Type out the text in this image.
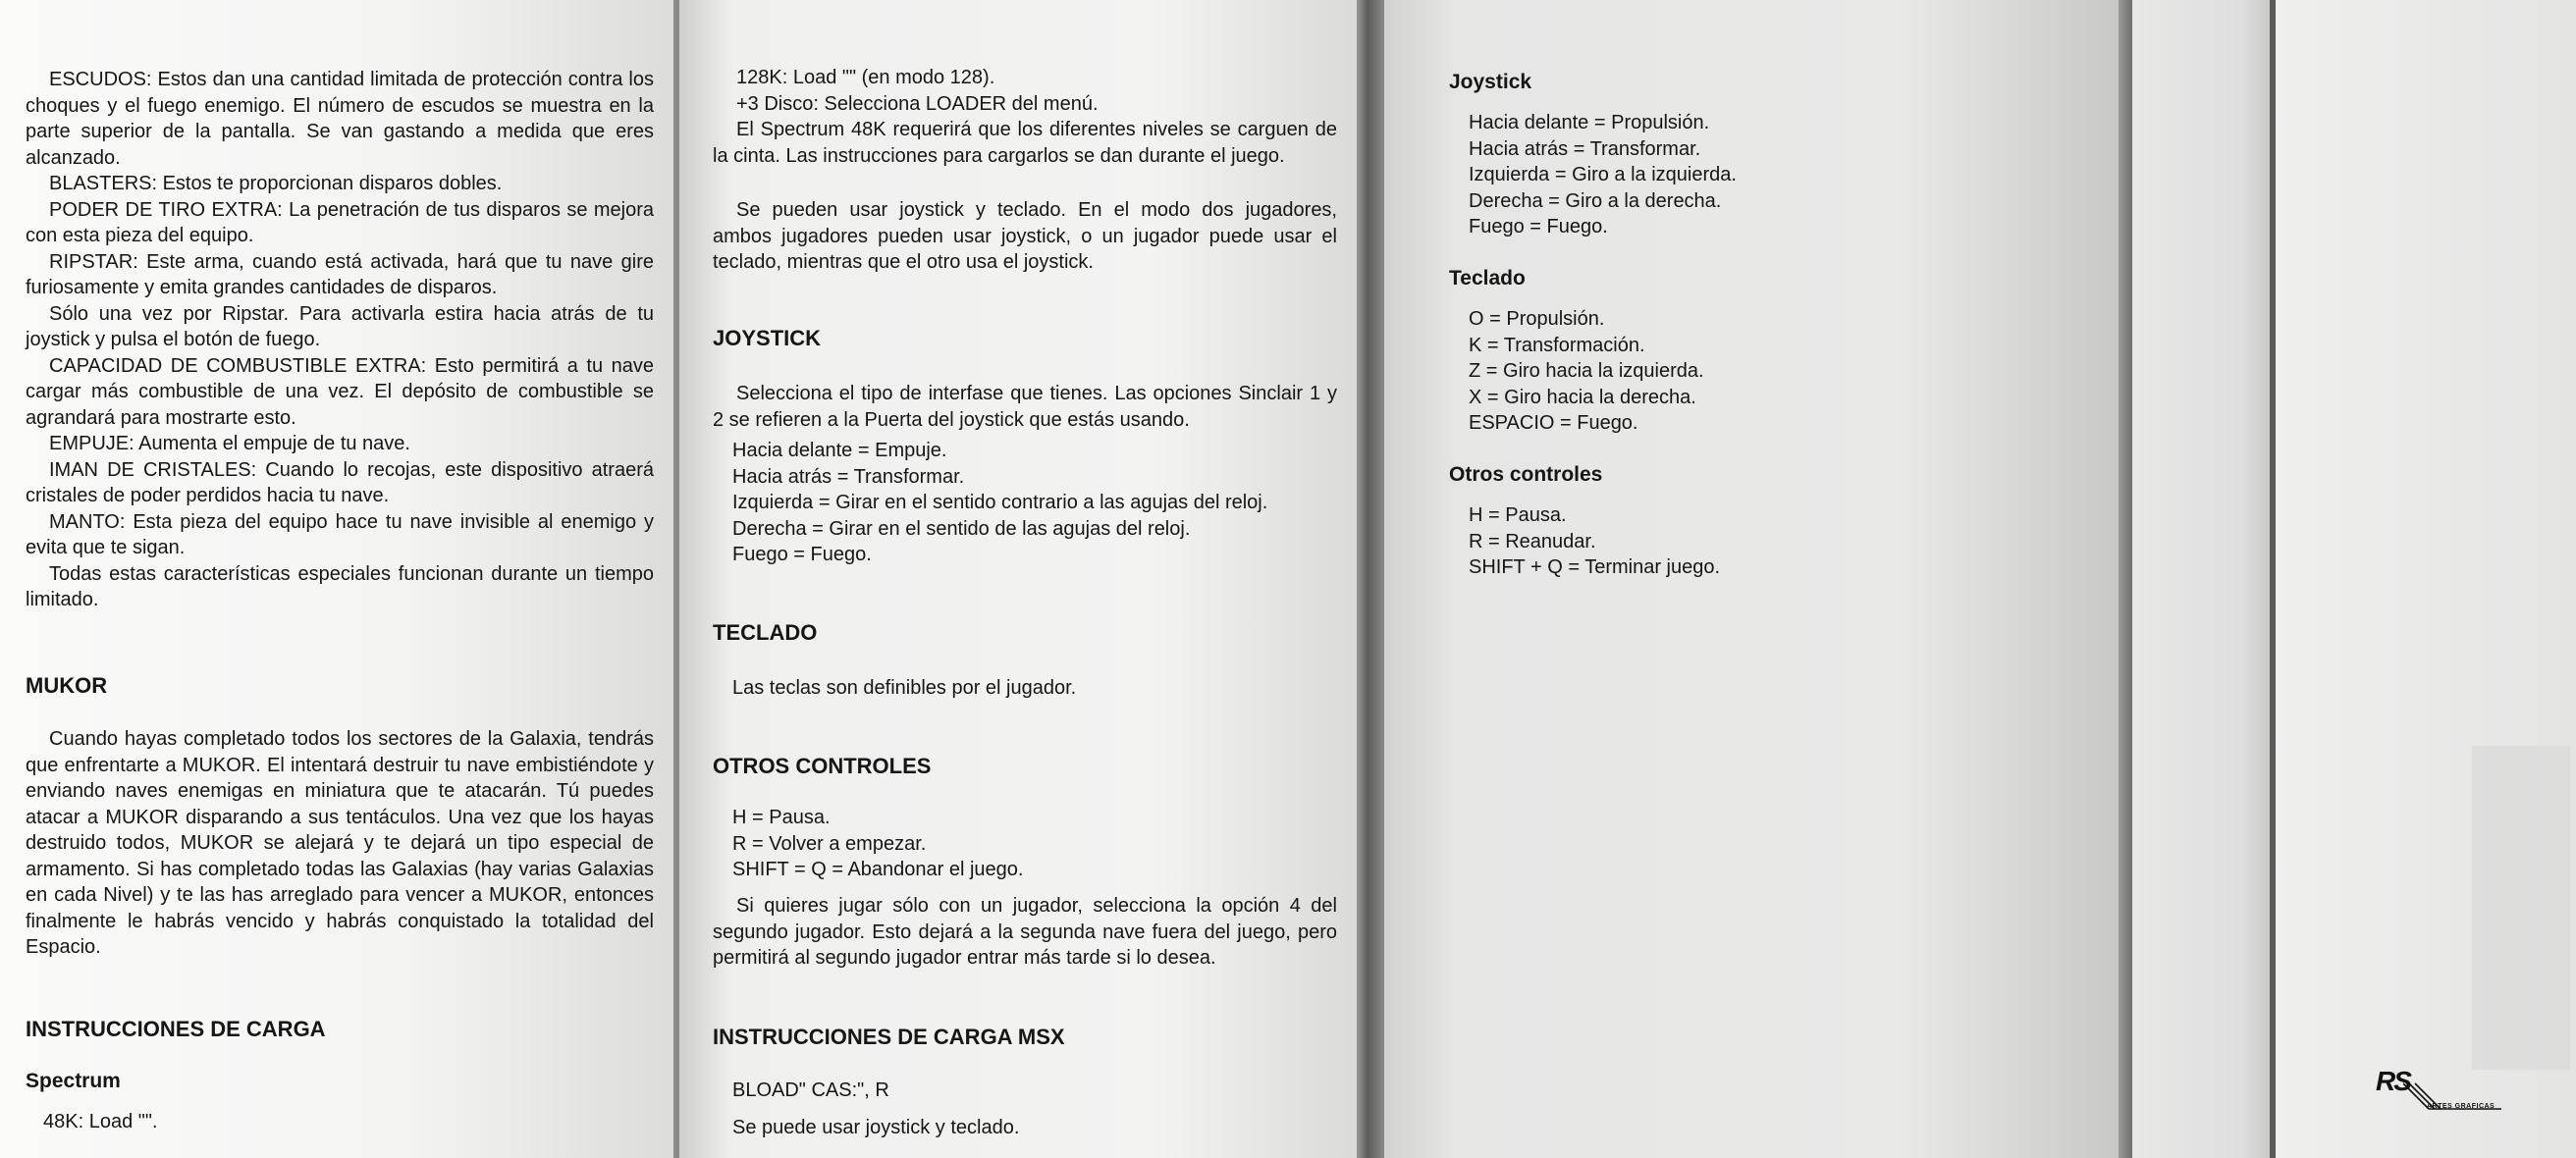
ESCUDOS: Estos dan una cantidad limitada de protección contra los choques y el fuego enemigo. El número de escudos se muestra en la parte superior de la pantalla. Se van gastando a medida que eres alcanzado.

BLASTERS: Estos te proporcionan disparos dobles.

PODER DE TIRO EXTRA: La penetración de tus disparos se mejora con esta pieza del equipo.

RIPSTAR: Este arma, cuando está activada, hará que tu nave gire furiosamente y emita grandes cantidades de disparos.

Sólo una vez por Ripstar. Para activarla estira hacia atrás de tu joystick y pulsa el botón de fuego.

CAPACIDAD DE COMBUSTIBLE EXTRA: Esto permitirá a tu nave cargar más combustible de una vez. El depósito de combustible se agrandará para mostrarte esto.

EMPUJE: Aumenta el empuje de tu nave.

IMAN DE CRISTALES: Cuando lo recojas, este dispositivo atraerá cristales de poder perdidos hacia tu nave.

MANTO: Esta pieza del equipo hace tu nave invisible al enemigo y evita que te sigan.

Todas estas características especiales funcionan durante un tiempo limitado.

MUKOR

Cuando hayas completado todos los sectores de la Galaxia, tendrás que enfrentarte a MUKOR. El intentará destruir tu nave embistiéndote y enviando naves enemigas en miniatura que te atacarán. Tú puedes atacar a MUKOR disparando a sus tentáculos. Una vez que los hayas destruido todos, MUKOR se alejará y te dejará un tipo especial de armamento. Si has completado todas las Galaxias (hay varias Galaxias en cada Nivel) y te las has arreglado para vencer a MUKOR, entonces finalmente le habrás vencido y habrás conquistado la totalidad del Espacio.

INSTRUCCIONES DE CARGA
Spectrum
48K: Load "".
128K: Load "" (en modo 128).
+3 Disco: Selecciona LOADER del menú.

El Spectrum 48K requerirá que los diferentes niveles se carguen de la cinta. Las instrucciones para cargarlos se dan durante el juego.

Se pueden usar joystick y teclado. En el modo dos jugadores, ambos jugadores pueden usar joystick, o un jugador puede usar el teclado, mientras que el otro usa el joystick.

JOYSTICK

Selecciona el tipo de interfase que tienes. Las opciones Sinclair 1 y 2 se refieren a la Puerta del joystick que estás usando.

Hacia delante = Empuje.
Hacia atrás = Transformar.
Izquierda = Girar en el sentido contrario a las agujas del reloj.
Derecha = Girar en el sentido de las agujas del reloj.
Fuego = Fuego.
TECLADO

Las teclas son definibles por el jugador.

OTROS CONTROLES
H = Pausa.
R = Volver a empezar.
SHIFT = Q = Abandonar el juego.

Si quieres jugar sólo con un jugador, selecciona la opción 4 del segundo jugador. Esto dejará a la segunda nave fuera del juego, pero permitirá al segundo jugador entrar más tarde si lo desea.

INSTRUCCIONES DE CARGA MSX
BLOAD" CAS:", R
Se puede usar joystick y teclado.
Joystick
Hacia delante = Propulsión.
Hacia atrás = Transformar.
Izquierda = Giro a la izquierda.
Derecha = Giro a la derecha.
Fuego = Fuego.
Teclado
O = Propulsión.
K = Transformación.
Z = Giro hacia la izquierda.
X = Giro hacia la derecha.
ESPACIO = Fuego.
Otros controles
H = Pausa.
R = Reanudar.
SHIFT + Q = Terminar juego.
RS
ARTES GRAFICAS
